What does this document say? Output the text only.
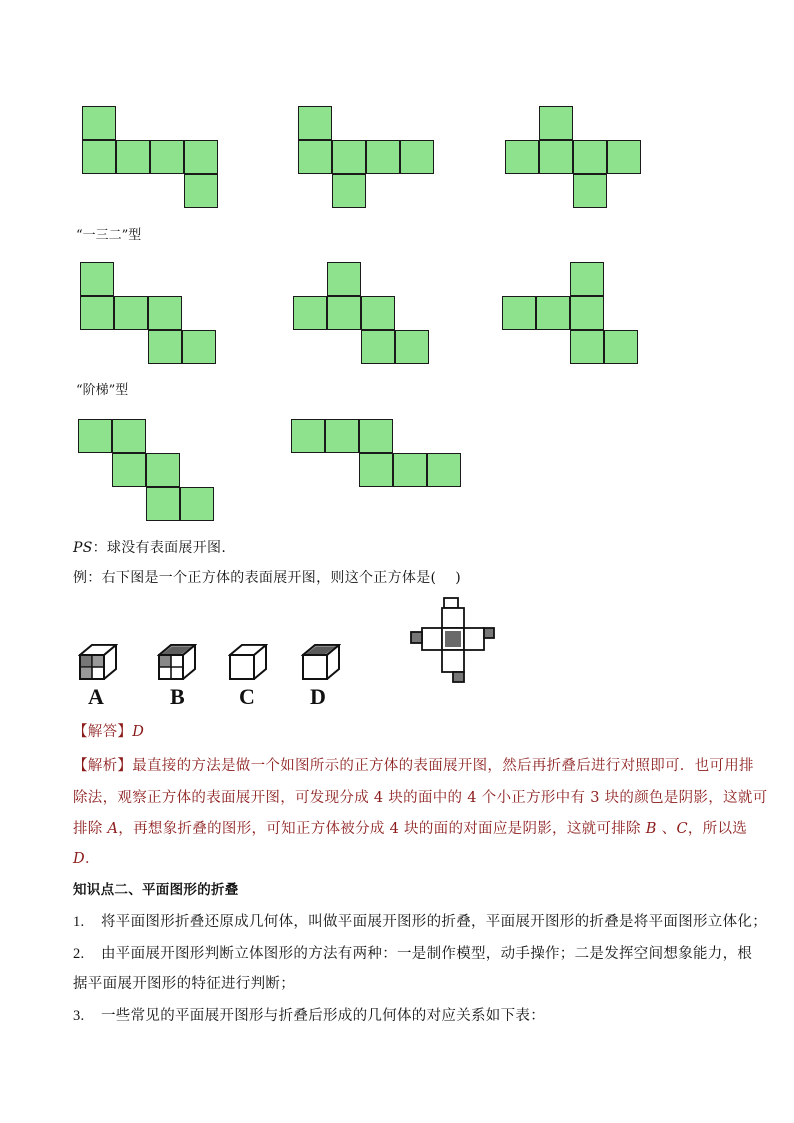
“一三二”型
“阶梯”型
PS：球没有表面展开图.
例：右下图是一个正方体的表面展开图，则这个正方体是(　 )
A	B C	D
【解答】D
【解析】最直接的方法是做一个如图所示的正方体的表面展开图，然后再折叠后进行对照即可．也可用排
除法，观察正方体的表面展开图，可发现分成 4 块的面中的 4 个小正方形中有 3 块的颜色是阴影，这就可
排除 A，再想象折叠的图形，可知正方体被分成 4 块的面的对面应是阴影，这就可排除 B 、C，所以选
D．
知识点二、平面图形的折叠
1. 将平面图形折叠还原成几何体，叫做平面展开图形的折叠，平面展开图形的折叠是将平面图形立体化；
2. 由平面展开图形判断立体图形的方法有两种：一是制作模型，动手操作；二是发挥空间想象能力，根
据平面展开图形的特征进行判断；
3. 一些常见的平面展开图形与折叠后形成的几何体的对应关系如下表：
